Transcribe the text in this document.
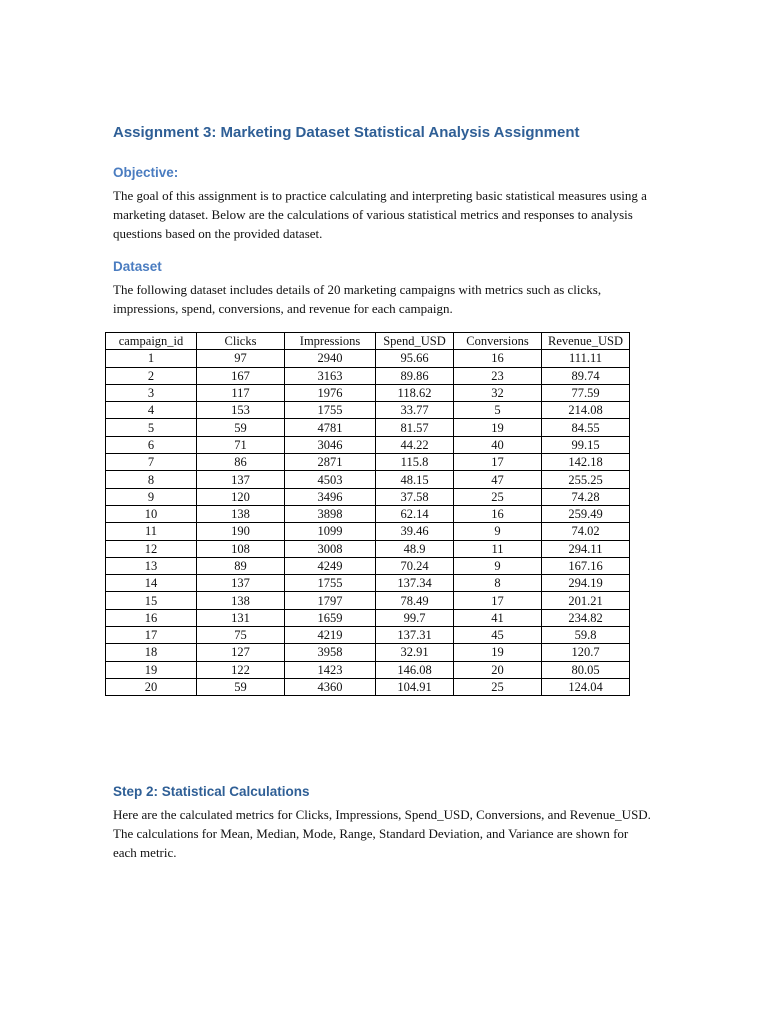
Assignment 3: Marketing Dataset Statistical Analysis Assignment
Objective:
The goal of this assignment is to practice calculating and interpreting basic statistical measures using a marketing dataset. Below are the calculations of various statistical metrics and responses to analysis questions based on the provided dataset.
Dataset
The following dataset includes details of 20 marketing campaigns with metrics such as clicks, impressions, spend, conversions, and revenue for each campaign.
campaign_id	Clicks	Impressions	Spend_USD	Conversions	Revenue_USD
1	97	2940	95.66	16	111.11
2	167	3163	89.86	23	89.74
3	117	1976	118.62	32	77.59
4	153	1755	33.77	5	214.08
5	59	4781	81.57	19	84.55
6	71	3046	44.22	40	99.15
7	86	2871	115.8	17	142.18
8	137	4503	48.15	47	255.25
9	120	3496	37.58	25	74.28
10	138	3898	62.14	16	259.49
11	190	1099	39.46	9	74.02
12	108	3008	48.9	11	294.11
13	89	4249	70.24	9	167.16
14	137	1755	137.34	8	294.19
15	138	1797	78.49	17	201.21
16	131	1659	99.7	41	234.82
17	75	4219	137.31	45	59.8
18	127	3958	32.91	19	120.7
19	122	1423	146.08	20	80.05
20	59	4360	104.91	25	124.04
Step 2: Statistical Calculations
Here are the calculated metrics for Clicks, Impressions, Spend_USD, Conversions, and Revenue_USD. The calculations for Mean, Median, Mode, Range, Standard Deviation, and Variance are shown for each metric.
